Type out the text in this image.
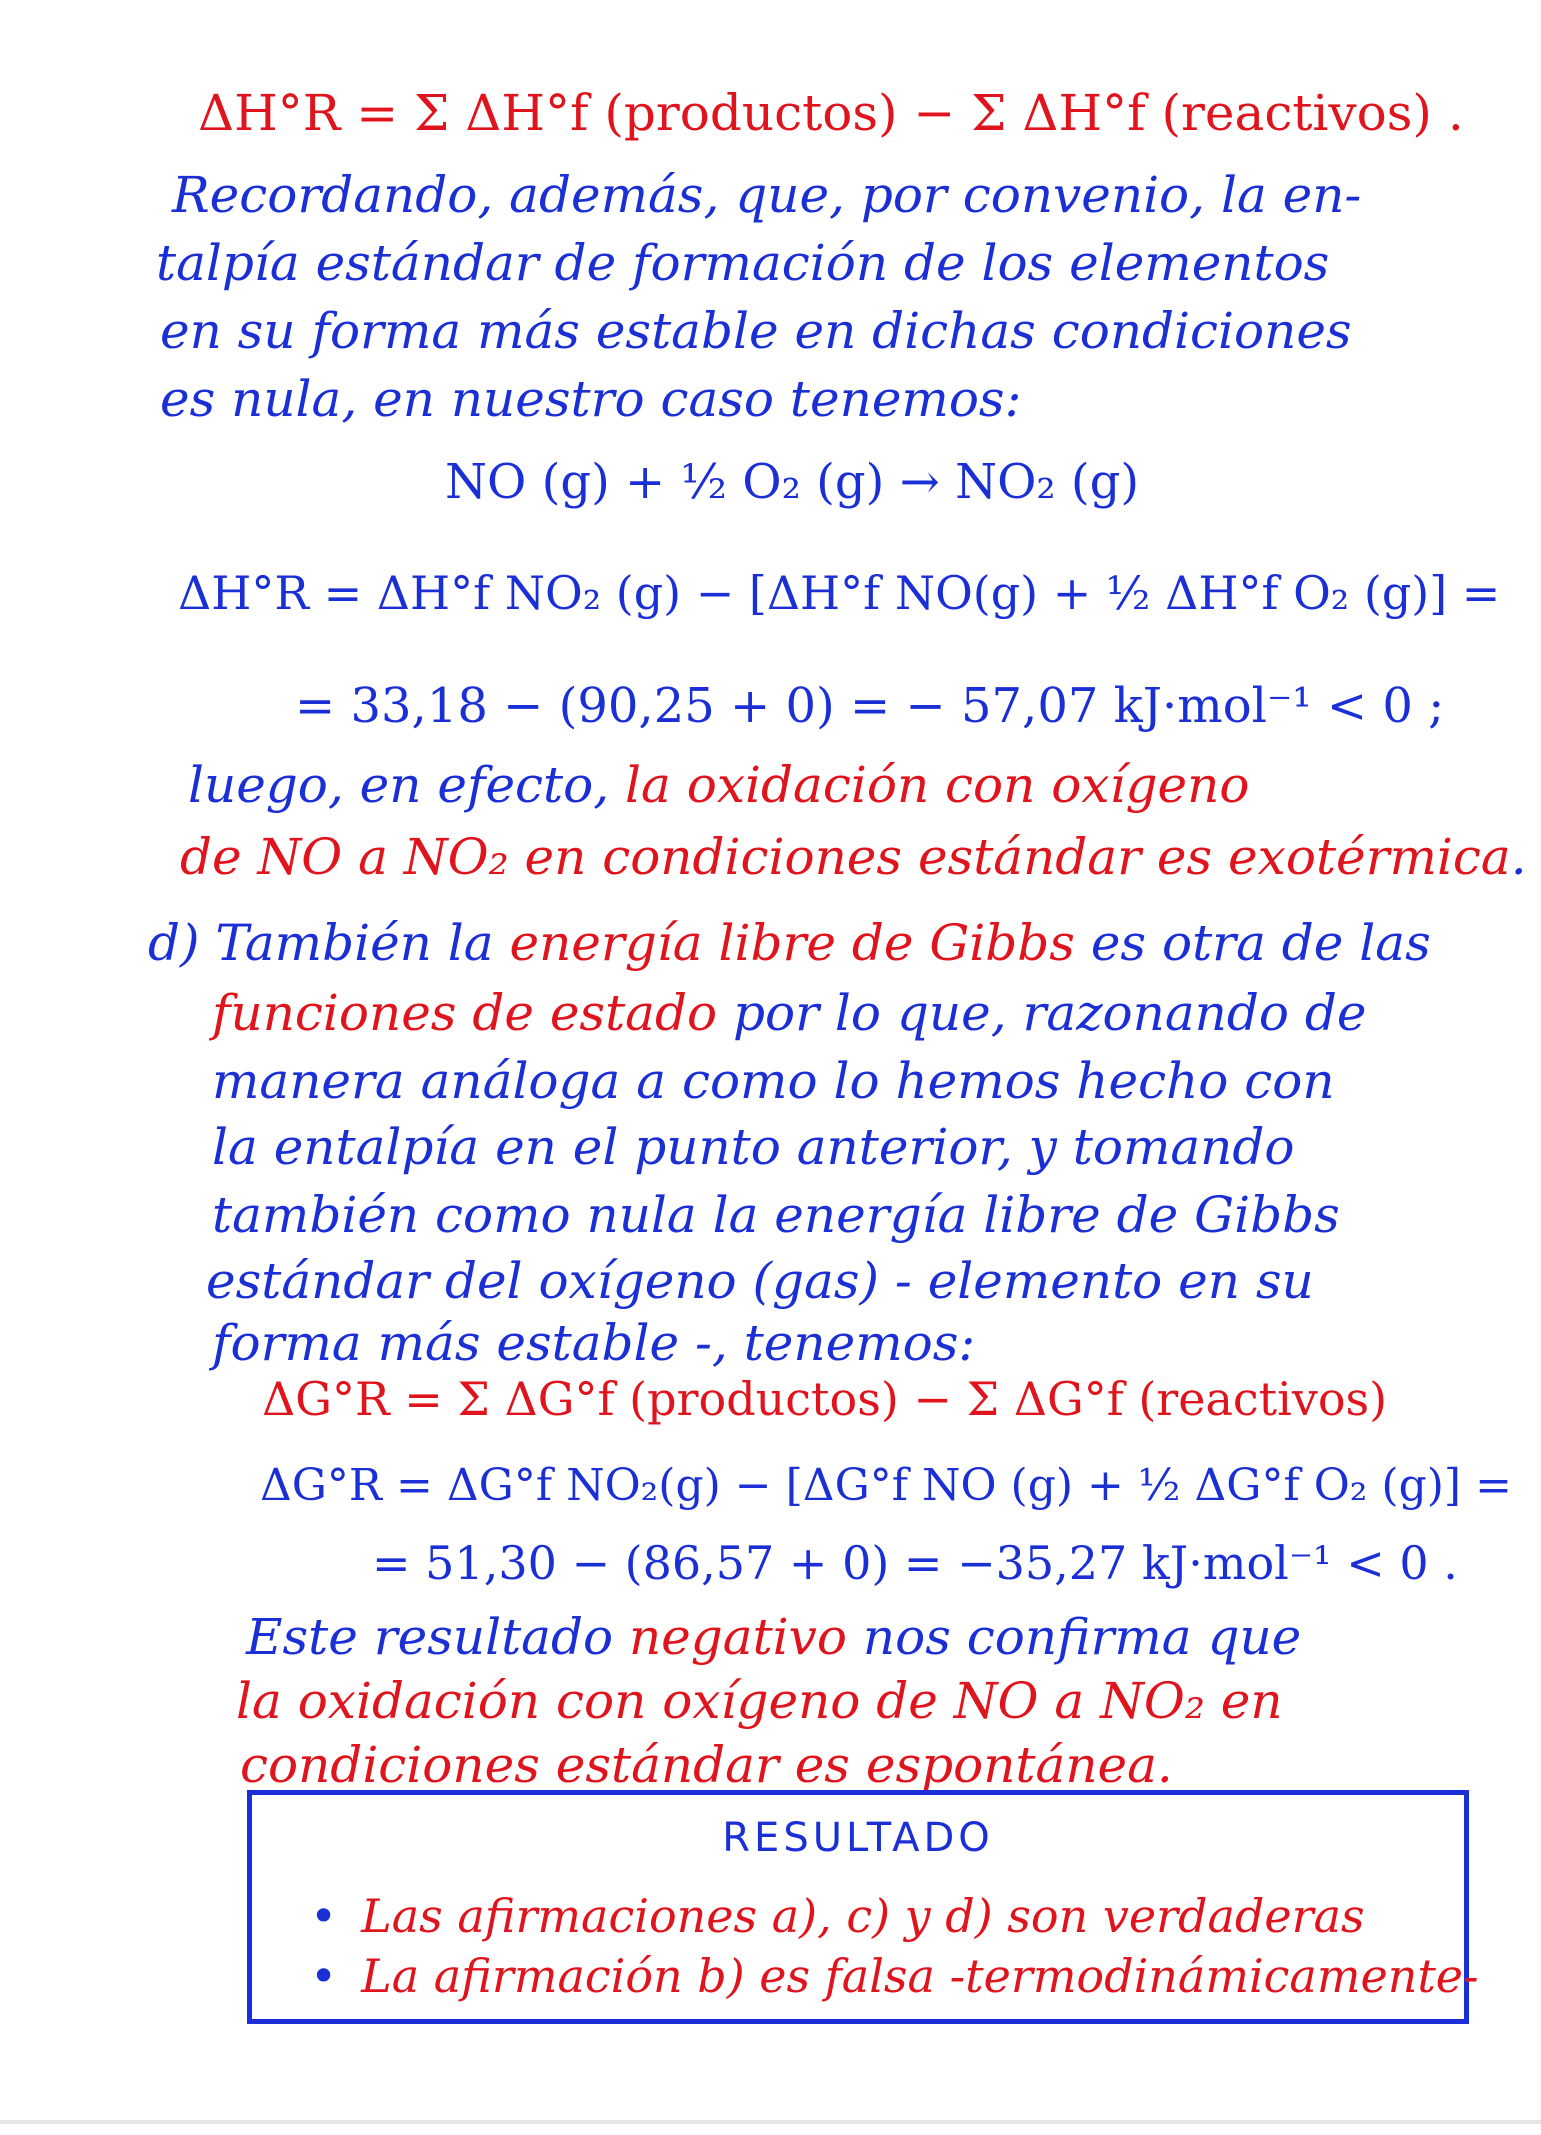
ΔH°R = Σ ΔH°f (productos) − Σ ΔH°f (reactivos) .
Recordando, además, que, por convenio, la en-
talpía estándar de formación de los elementos
en su forma más estable en dichas condiciones
es nula, en nuestro caso tenemos:
NO (g) + ½ O₂ (g) → NO₂ (g)
ΔH°R = ΔH°f NO₂ (g) − [ΔH°f NO(g) + ½ ΔH°f O₂ (g)] =
= 33,18 − (90,25 + 0) = − 57,07 kJ·mol⁻¹ < 0 ;
luego, en efecto, la oxidación con oxígeno
de NO a NO₂ en condiciones estándar es exotérmica.
d) También la energía libre de Gibbs es otra de las
funciones de estado por lo que, razonando de
manera análoga a como lo hemos hecho con
la entalpía en el punto anterior, y tomando
también como nula la energía libre de Gibbs
estándar del oxígeno (gas) - elemento en su
forma más estable -, tenemos:
ΔG°R = Σ ΔG°f (productos) − Σ ΔG°f (reactivos)
ΔG°R = ΔG°f NO₂(g) − [ΔG°f NO (g) + ½ ΔG°f O₂ (g)] =
= 51,30 − (86,57 + 0) = −35,27 kJ·mol⁻¹ < 0 .
Este resultado negativo nos confirma que
la oxidación con oxígeno de NO a NO₂ en
condiciones estándar es espontánea.
RESULTADO
• Las afirmaciones a), c) y d) son verdaderas
• La afirmación b) es falsa -termodinámicamente-
